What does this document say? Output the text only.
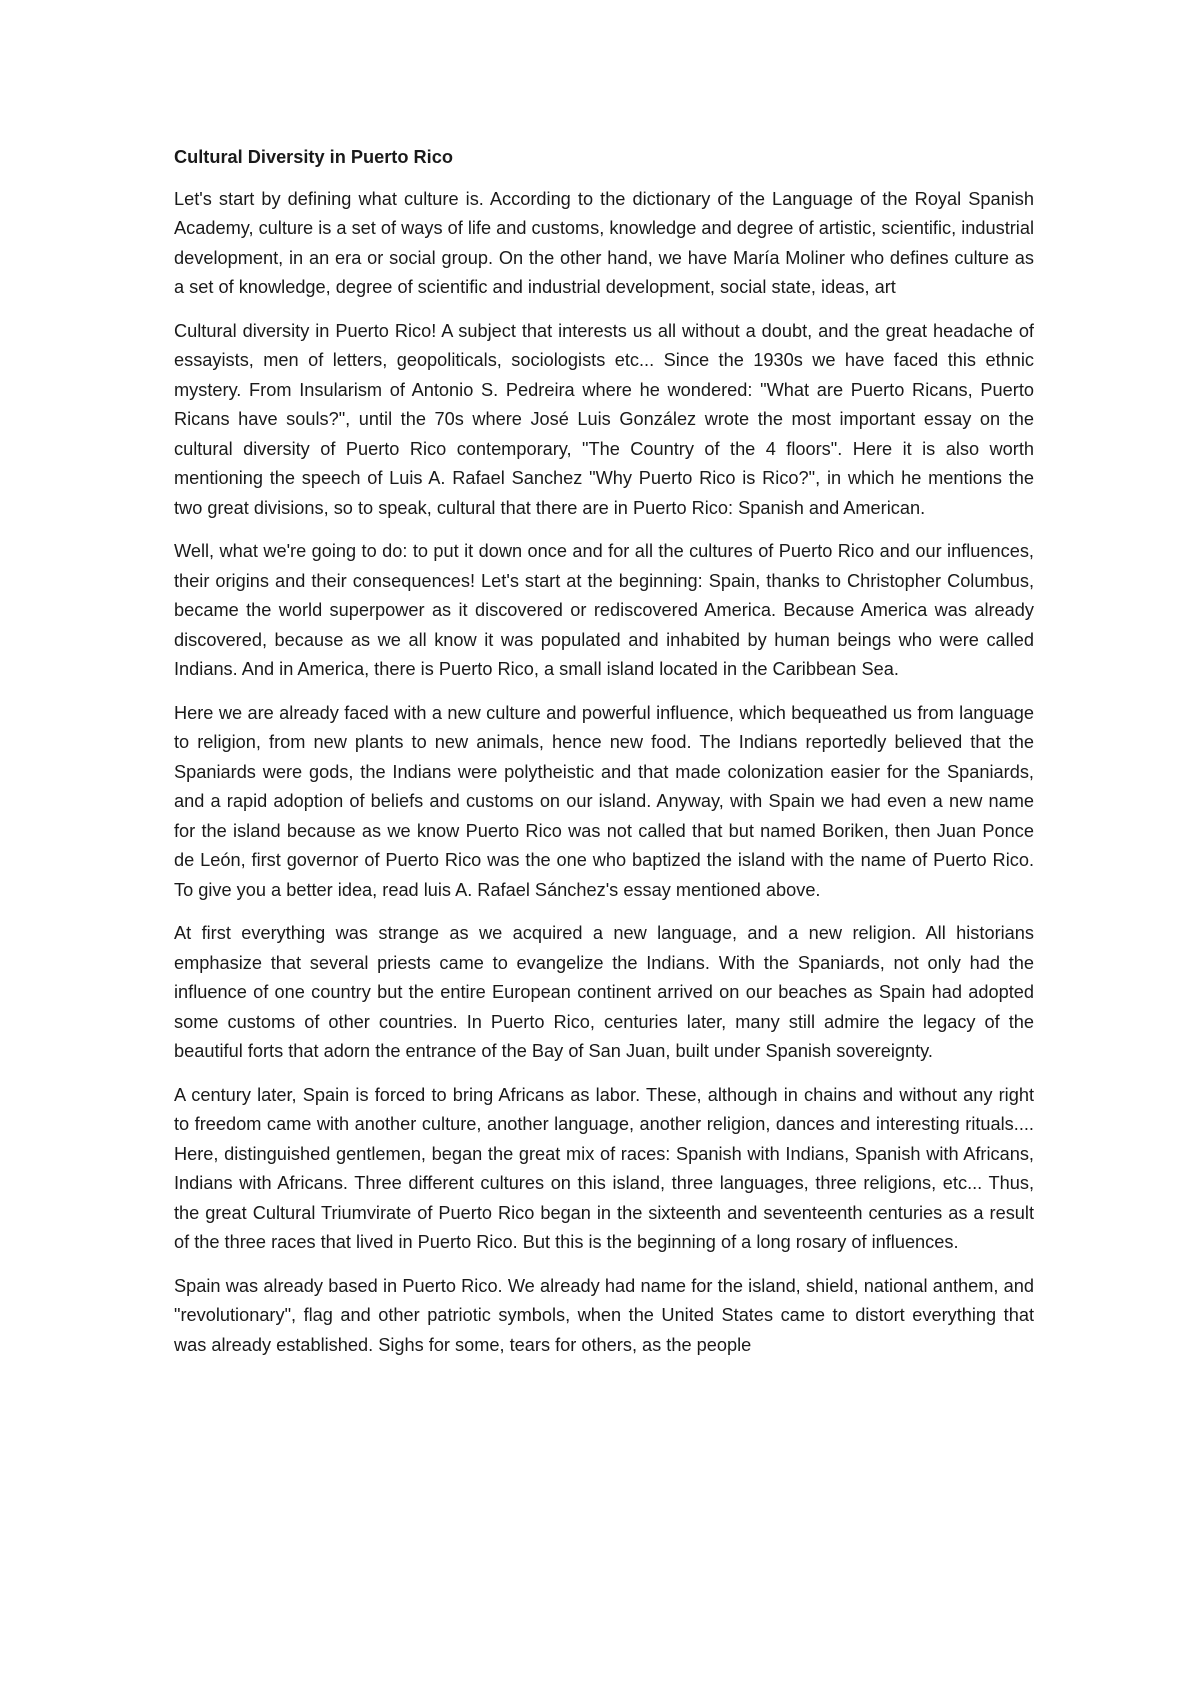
Cultural Diversity in Puerto Rico

Let's start by defining what culture is. According to the dictionary of the Language of the Royal Spanish Academy, culture is a set of ways of life and customs, knowledge and degree of artistic, scientific, industrial development, in an era or social group. On the other hand, we have María Moliner who defines culture as a set of knowledge, degree of scientific and industrial development, social state, ideas, art

Cultural diversity in Puerto Rico! A subject that interests us all without a doubt, and the great headache of essayists, men of letters, geopoliticals, sociologists etc... Since the 1930s we have faced this ethnic mystery. From Insularism of Antonio S. Pedreira where he wondered: "What are Puerto Ricans, Puerto Ricans have souls?", until the 70s where José Luis González wrote the most important essay on the cultural diversity of Puerto Rico contemporary, "The Country of the 4 floors". Here it is also worth mentioning the speech of Luis A. Rafael Sanchez "Why Puerto Rico is Rico?", in which he mentions the two great divisions, so to speak, cultural that there are in Puerto Rico: Spanish and American.

Well, what we're going to do: to put it down once and for all the cultures of Puerto Rico and our influences, their origins and their consequences! Let's start at the beginning: Spain, thanks to Christopher Columbus, became the world superpower as it discovered or rediscovered America. Because America was already discovered, because as we all know it was populated and inhabited by human beings who were called Indians. And in America, there is Puerto Rico, a small island located in the Caribbean Sea.

Here we are already faced with a new culture and powerful influence, which bequeathed us from language to religion, from new plants to new animals, hence new food. The Indians reportedly believed that the Spaniards were gods, the Indians were polytheistic and that made colonization easier for the Spaniards, and a rapid adoption of beliefs and customs on our island. Anyway, with Spain we had even a new name for the island because as we know Puerto Rico was not called that but named Boriken, then Juan Ponce de León, first governor of Puerto Rico was the one who baptized the island with the name of Puerto Rico. To give you a better idea, read luis A. Rafael Sánchez's essay mentioned above.

At first everything was strange as we acquired a new language, and a new religion. All historians emphasize that several priests came to evangelize the Indians. With the Spaniards, not only had the influence of one country but the entire European continent arrived on our beaches as Spain had adopted some customs of other countries. In Puerto Rico, centuries later, many still admire the legacy of the beautiful forts that adorn the entrance of the Bay of San Juan, built under Spanish sovereignty.

A century later, Spain is forced to bring Africans as labor. These, although in chains and without any right to freedom came with another culture, another language, another religion, dances and interesting rituals.... Here, distinguished gentlemen, began the great mix of races: Spanish with Indians, Spanish with Africans, Indians with Africans. Three different cultures on this island, three languages, three religions, etc... Thus, the great Cultural Triumvirate of Puerto Rico began in the sixteenth and seventeenth centuries as a result of the three races that lived in Puerto Rico. But this is the beginning of a long rosary of influences.

Spain was already based in Puerto Rico. We already had name for the island, shield, national anthem, and "revolutionary", flag and other patriotic symbols, when the United States came to distort everything that was already established. Sighs for some, tears for others, as the people
